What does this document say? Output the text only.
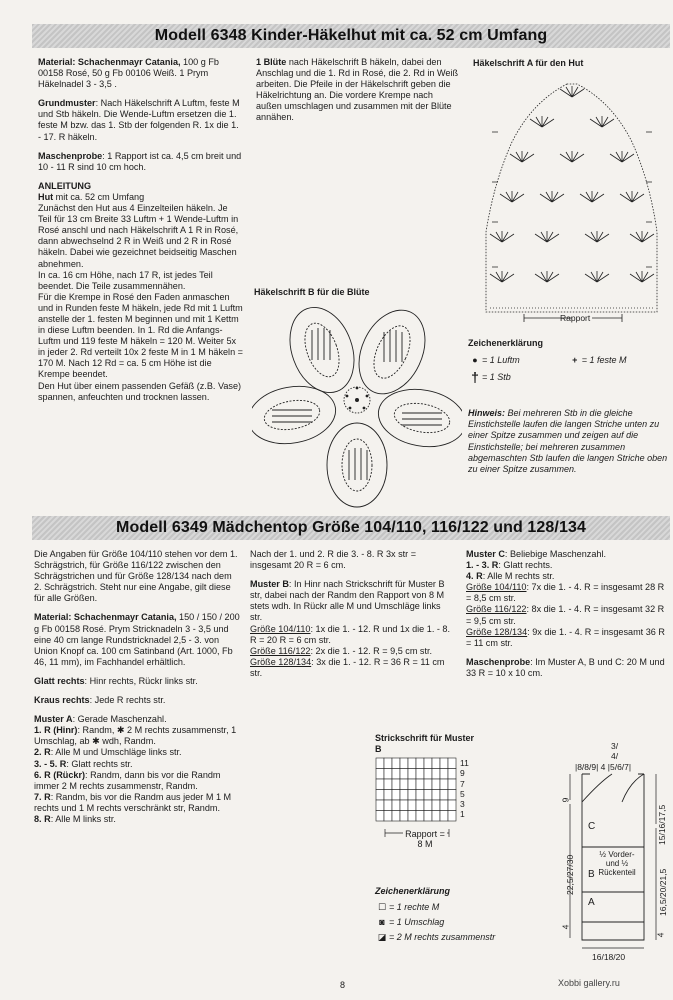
Modell 6348 Kinder-Häkelhut mit ca. 52 cm Umfang

Material: Schachenmayr Catania, 100 g Fb 00158 Rosé, 50 g Fb 00106 Weiß. 1 Prym Häkelnadel 3 - 3,5 .

Grundmuster: Nach Häkelschrift A Luftm, feste M und Stb häkeln. Die Wende-Luftm ersetzen die 1. feste M bzw. das 1. Stb der folgenden R. 1x die 1. - 17. R häkeln.

Maschenprobe: 1 Rapport ist ca. 4,5 cm breit und 10 - 11 R sind 10 cm hoch.

ANLEITUNG

Hut mit ca. 52 cm Umfang

Zunächst den Hut aus 4 Einzelteilen häkeln. Je Teil für 13 cm Breite 33 Luftm + 1 Wende-Luftm in Rosé anschl und nach Häkelschrift A 1 R in Rosé, dann abwechselnd 2 R in Weiß und 2 R in Rosé häkeln. Dabei wie gezeichnet beidseitig Maschen abnehmen.

In ca. 16 cm Höhe, nach 17 R, ist jedes Teil beendet. Die Teile zusammennähen.

Für die Krempe in Rosé den Faden anmaschen und in Runden feste M häkeln, jede Rd mit 1 Luftm anstelle der 1. festen M beginnen und mit 1 Kettm in diese Luftm beenden. In 1. Rd die Anfangs-Luftm und 119 feste M häkeln = 120 M. Weiter 5x in jeder 2. Rd verteilt 10x 2 feste M in 1 M häkeln = 170 M. Nach 12 Rd = ca. 5 cm Höhe ist die Krempe beendet.

Den Hut über einem passenden Gefäß (z.B. Vase) spannen, anfeuchten und trocknen lassen.

1 Blüte nach Häkelschrift B häkeln, dabei den Anschlag und die 1. Rd in Rosé, die 2. Rd in Weiß arbeiten. Die Pfeile in der Häkelschrift geben die Häkelrichtung an. Die vordere Krempe nach außen umschlagen und zusammen mit der Blüte annähen.

Häkelschrift A für den Hut
Rapport
Häkelschrift B für die Blüte
Zeichenerklärung
● = 1 Luftm	+ = 1 feste M
† = 1 Stb
Hinweis: Bei mehreren Stb in die gleiche Einstichstelle laufen die langen Striche unten zu einer Spitze zusammen und zeigen auf die Einstichstelle; bei mehreren zusammen abgemaschten Stb laufen die langen Striche oben zu einer Spitze zusammen.
Modell 6349 Mädchentop Größe 104/110, 116/122 und 128/134

Die Angaben für Größe 104/110 stehen vor dem 1. Schrägstrich, für Größe 116/122 zwischen den Schrägstrichen und für Größe 128/134 nach dem 2. Schrägstrich. Steht nur eine Angabe, gilt diese für alle Größen.

Material: Schachenmayr Catania, 150 / 150 / 200 g Fb 00158 Rosé. Prym Stricknadeln 3 - 3,5 und eine 40 cm lange Rundstricknadel 2,5 - 3. von Union Knopf ca. 100 cm Satinband (Art. 1000, Fb 46, 11 mm), im Fachhandel erhältlich.

Glatt rechts: Hinr rechts, Rückr links str.

Kraus rechts: Jede R rechts str.

Muster A: Gerade Maschenzahl.

1. R (Hinr): Randm, ✱ 2 M rechts zusammenstr, 1 Umschlag, ab ✱ wdh, Randm.

2. R: Alle M und Umschläge links str.

3. - 5. R: Glatt rechts str.

6. R (Rückr): Randm, dann bis vor die Randm immer 2 M rechts zusammenstr, Randm.

7. R: Randm, bis vor die Randm aus jeder M 1 M rechts und 1 M rechts verschränkt str, Randm.

8. R: Alle M links str.

Nach der 1. und 2. R die 3. - 8. R 3x str = insgesamt 20 R = 6 cm.

Muster B: In Hinr nach Strickschrift für Muster B str, dabei nach der Randm den Rapport von 8 M stets wdh. In Rückr alle M und Umschläge links str.

Größe 104/110: 1x die 1. - 12. R und 1x die 1. - 8. R = 20 R = 6 cm str.

Größe 116/122: 2x die 1. - 12. R = 9,5 cm str.

Größe 128/134: 3x die 1. - 12. R = 36 R = 11 cm str.

Muster C: Beliebige Maschenzahl.

1. - 3. R: Glatt rechts.

4. R: Alle M rechts str.

Größe 104/110: 7x die 1. - 4. R = insgesamt 28 R = 8,5 cm str.

Größe 116/122: 8x die 1. - 4. R = insgesamt 32 R = 9,5 cm str.

Größe 128/134: 9x die 1. - 4. R = insgesamt 36 R = 11 cm str.

Maschenprobe: Im Muster A, B und C: 20 M und 33 R = 10 x 10 cm.

Strickschrift für Muster B
11
9
7
5
3
1
Rapport =
8 M
Zeichenerklärung
☐ = 1 rechte M
◙ = 1 Umschlag
◪ = 2 M rechts zusammenstr
3/
4/
|8/8/9| 4 |5/6/7|
9
22,5/27/30
4
15/16/17,5
16,5/20/21,5
4
C
B
A
½ Vorder-
und ½
Rückenteil
16/18/20
8	Xobbi gallery.ru
